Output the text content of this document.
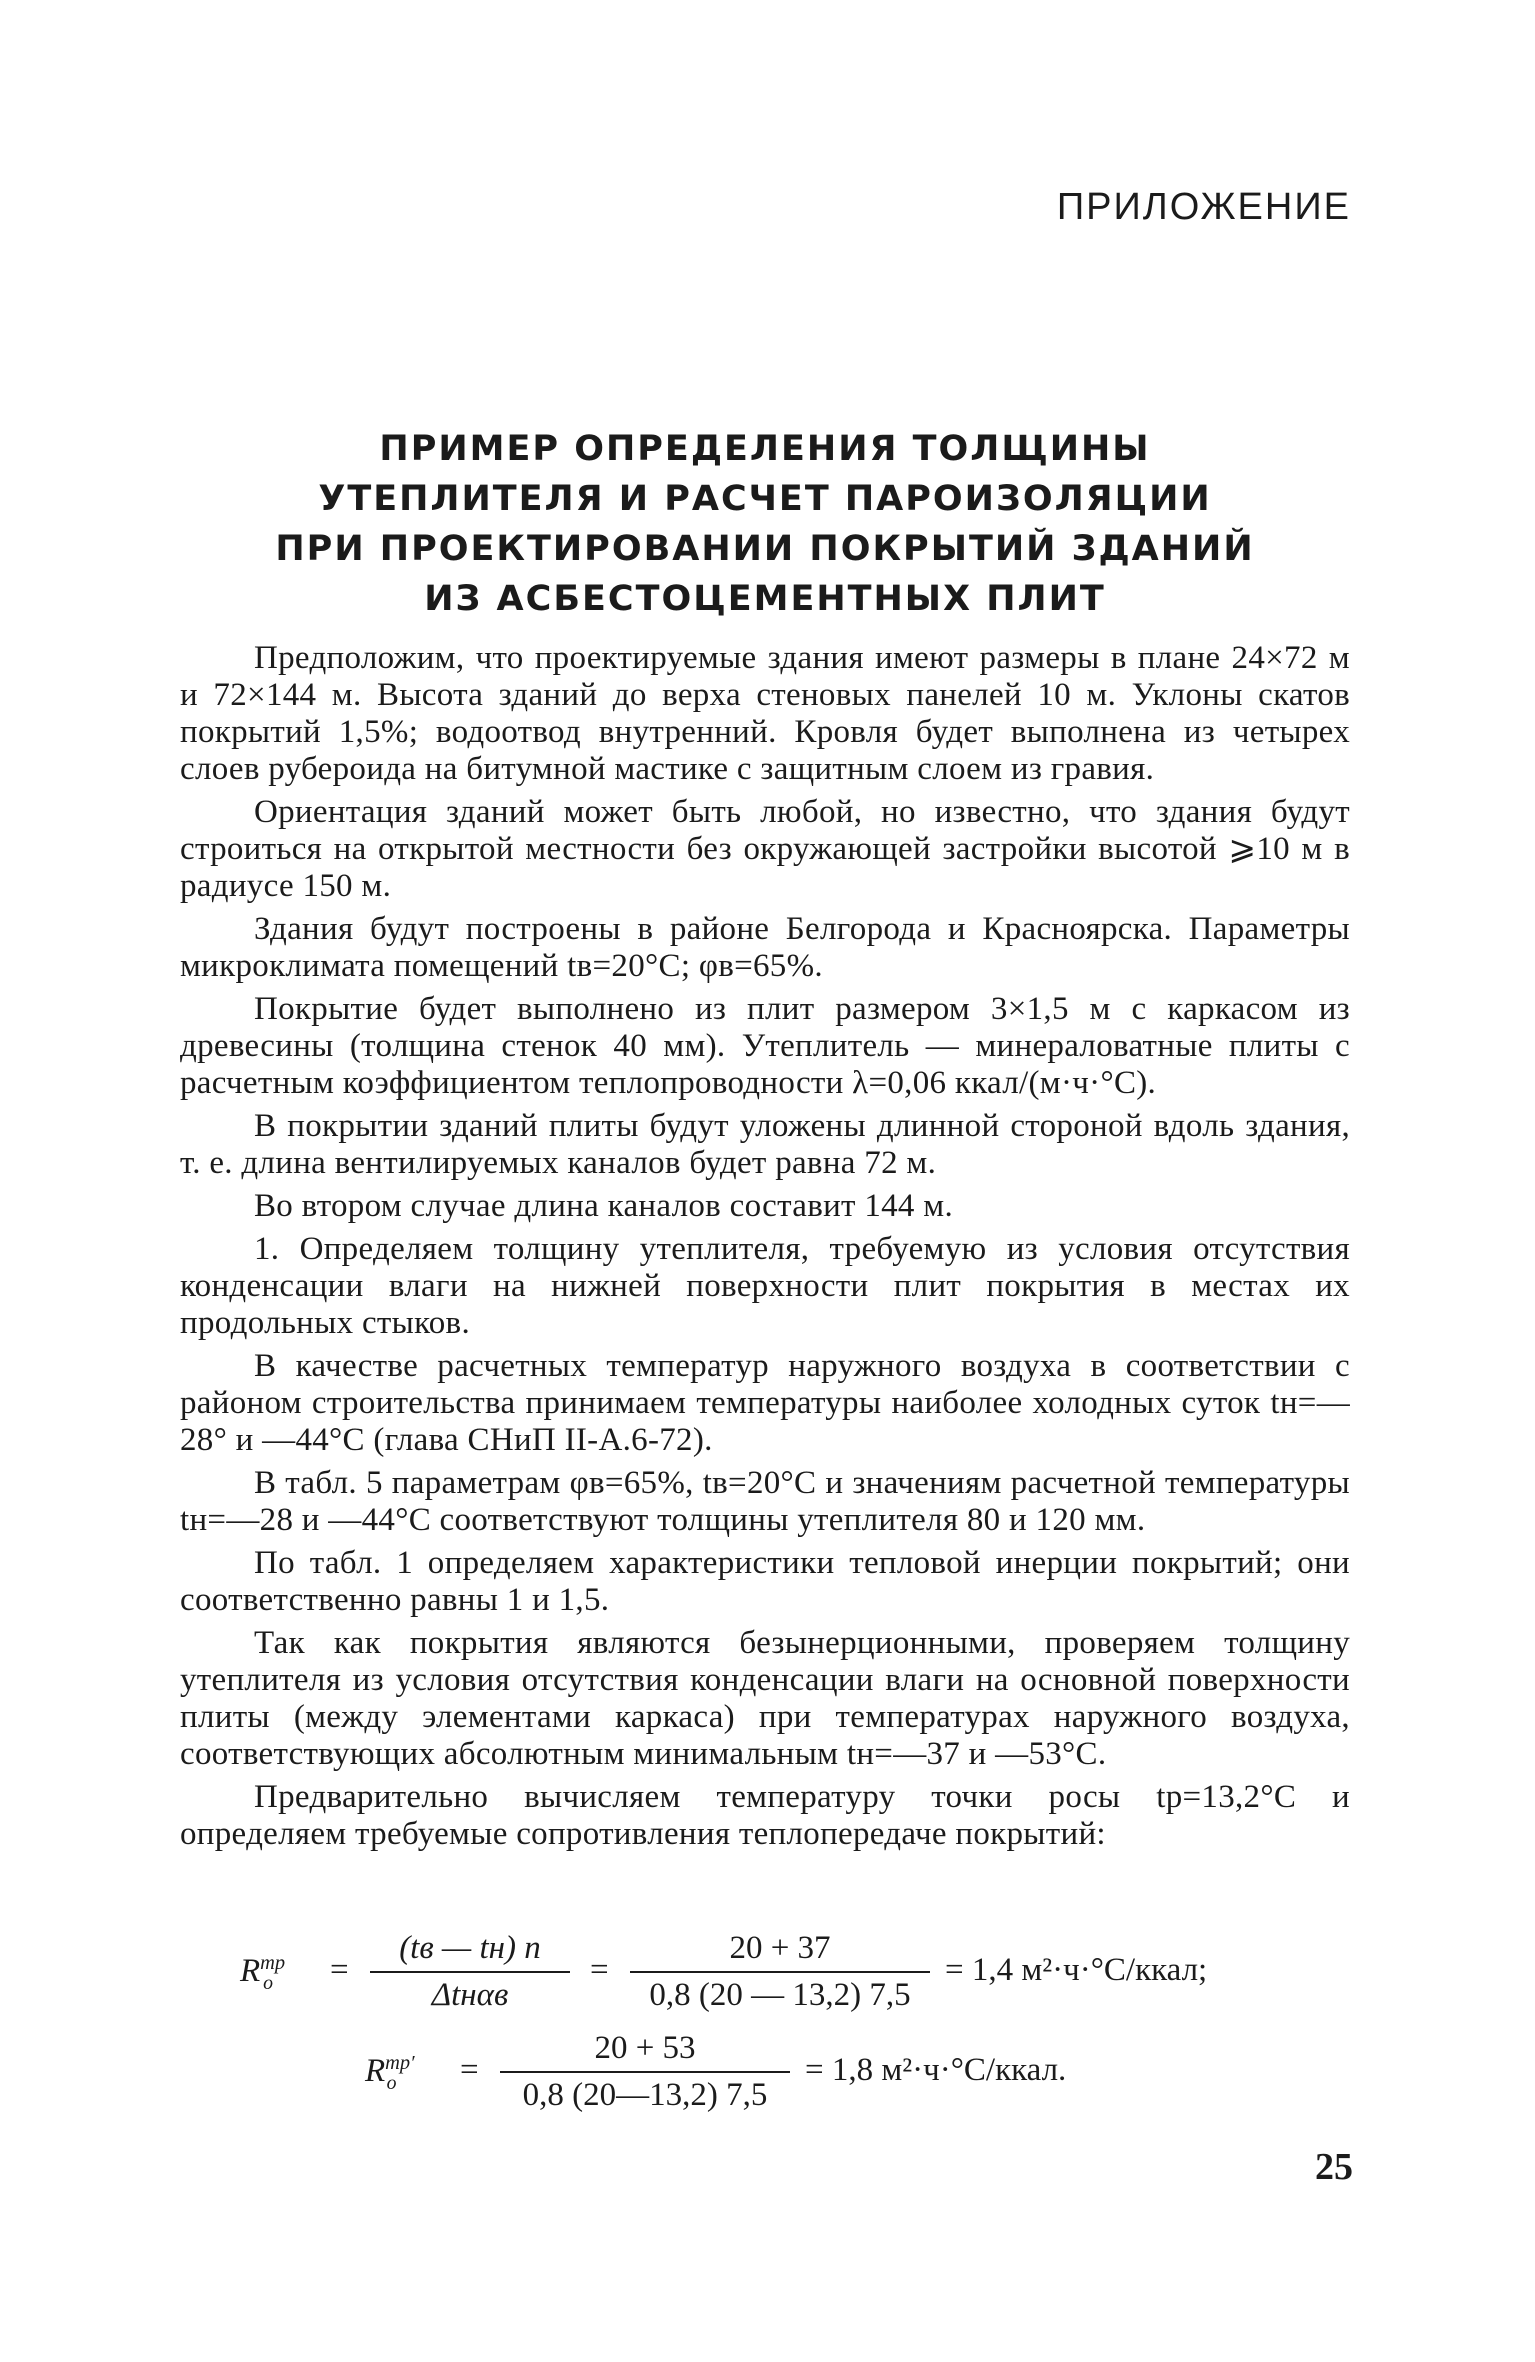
ПРИЛОЖЕНИЕ
ПРИМЕР ОПРЕДЕЛЕНИЯ ТОЛЩИНЫ
УТЕПЛИТЕЛЯ И РАСЧЕТ ПАРОИЗОЛЯЦИИ
ПРИ ПРОЕКТИРОВАНИИ ПОКРЫТИЙ ЗДАНИЙ
ИЗ АСБЕСТОЦЕМЕНТНЫХ ПЛИТ

Предположим, что проектируемые здания имеют размеры в плане 24×72 м и 72×144 м. Высота зданий до верха стеновых панелей 10 м. Уклоны скатов покрытий 1,5%; водоотвод внутренний. Кровля будет выполнена из четырех слоев рубероида на битумной мастике с защитным слоем из гравия.

Ориентация зданий может быть любой, но известно, что здания будут строиться на открытой местности без окружающей застройки высотой ⩾10 м в радиусе 150 м.

Здания будут построены в районе Белгорода и Красноярска. Параметры микроклимата помещений tв=20°С; φв=65%.

Покрытие будет выполнено из плит размером 3×1,5 м с каркасом из древесины (толщина стенок 40 мм). Утеплитель — минераловатные плиты с расчетным коэффициентом теплопроводности λ=0,06 ккал/(м·ч·°С).

В покрытии зданий плиты будут уложены длинной стороной вдоль здания, т. е. длина вентилируемых каналов будет равна 72 м.

Во втором случае длина каналов составит 144 м.

1. Определяем толщину утеплителя, требуемую из условия отсутствия конденсации влаги на нижней поверхности плит покрытия в местах их продольных стыков.

В качестве расчетных температур наружного воздуха в соответствии с районом строительства принимаем температуры наиболее холодных суток tн=—28° и —44°С (глава СНиП II-А.6-72).

В табл. 5 параметрам φв=65%, tв=20°С и значениям расчетной температуры tн=—28 и —44°С соответствуют толщины утеплителя 80 и 120 мм.

По табл. 1 определяем характеристики тепловой инерции покрытий; они соответственно равны 1 и 1,5.

Так как покрытия являются безынерционными, проверяем толщину утеплителя из условия отсутствия конденсации влаги на основной поверхности плиты (между элементами каркаса) при температурах наружного воздуха, соответствующих абсолютным минимальным tн=—37 и —53°С.

Предварительно вычисляем температуру точки росы tр=13,2°С и определяем требуемые сопротивления теплопередаче покрытий:

$R^{тр}_о$ =
(tв — tн) n
Δtнαв
= $\frac{20 + 37}{0,8 (20 — 13,2) 7,5} = 1,4$ м²·ч·°С/ккал;
$R^{тр'}_о = \frac{20 + 53}{0,8 (20—13,2) 7,5} = 1,8$ м²·ч·°С/ккал.
25
